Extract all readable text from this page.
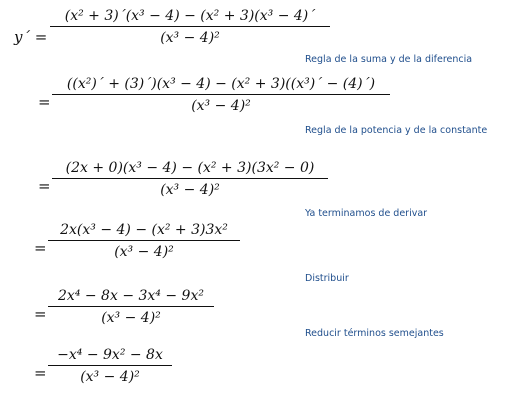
y´ =
(x² + 3)´(x³ − 4) − (x² + 3)(x³ − 4)´
(x³ − 4)²
Regla de la suma y de la diferencia
=
((x²)´ + (3)´)(x³ − 4) − (x² + 3)((x³)´ − (4)´)
(x³ − 4)²
Regla de la potencia y de la constante
=
(2x + 0)(x³ − 4) − (x² + 3)(3x² − 0)
(x³ − 4)²
Ya terminamos de derivar
=
2x(x³ − 4) − (x² + 3)3x²
(x³ − 4)²
Distribuir
=
2x⁴ − 8x − 3x⁴ − 9x²
(x³ − 4)²
Reducir términos semejantes
=
−x⁴ − 9x² − 8x
(x³ − 4)²
